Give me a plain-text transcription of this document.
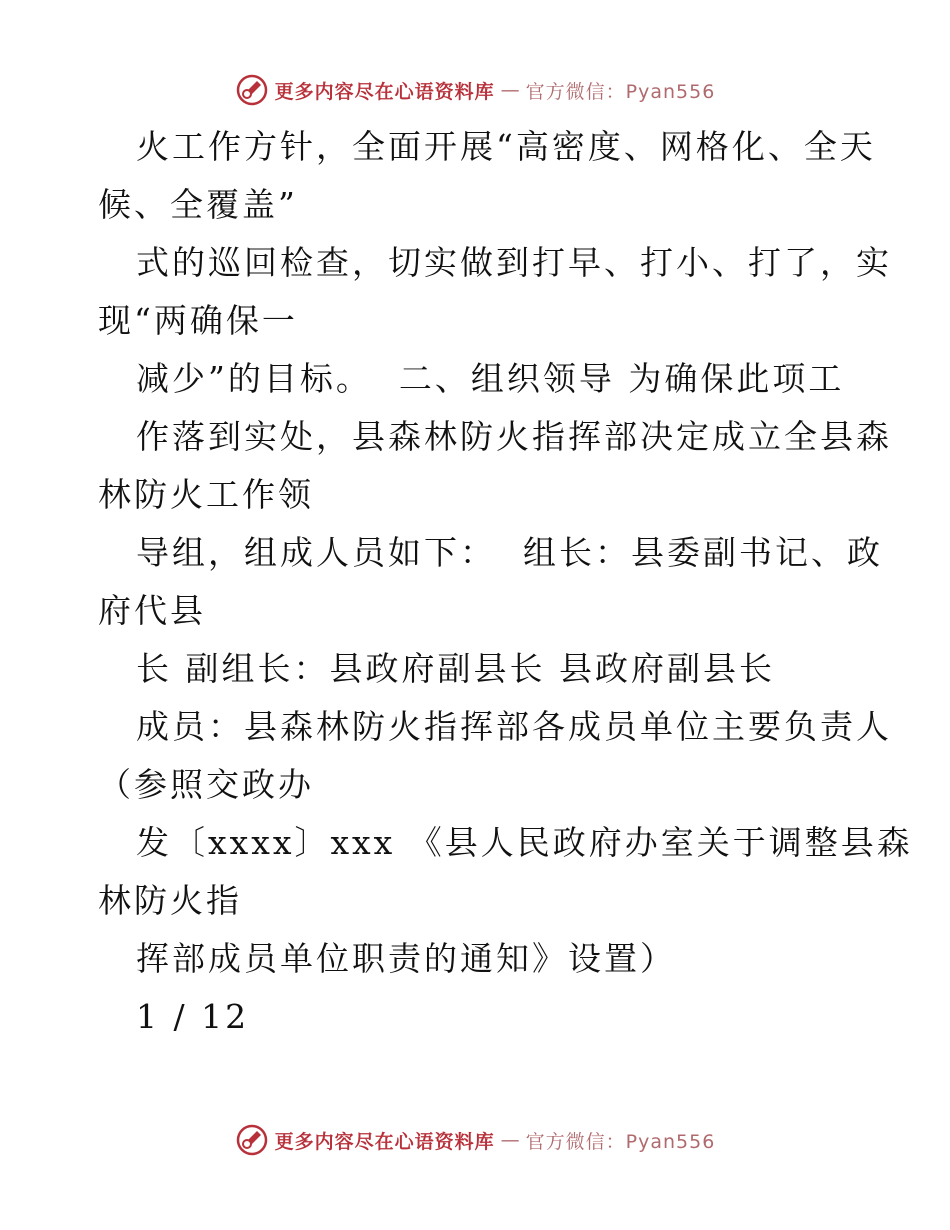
更多内容尽在心语资料库 — 官方微信：Pyan556
火工作方针，全面开展“高密度、网格化、全天
候、全覆盖”
式的巡回检查，切实做到打早、打小、打了，实
现“两确保一
减少”的目标。  二、组织领导 为确保此项工
作落到实处，县森林防火指挥部决定成立全县森
林防火工作领
导组，组成人员如下：  组长：县委副书记、政
府代县
长 副组长：县政府副县长 县政府副县长
成员：县森林防火指挥部各成员单位主要负责人
（参照交政办
发〔xxxx〕xxx 《县人民政府办室关于调整县森
林防火指
挥部成员单位职责的通知》设置）
1 / 12
更多内容尽在心语资料库 — 官方微信：Pyan556
